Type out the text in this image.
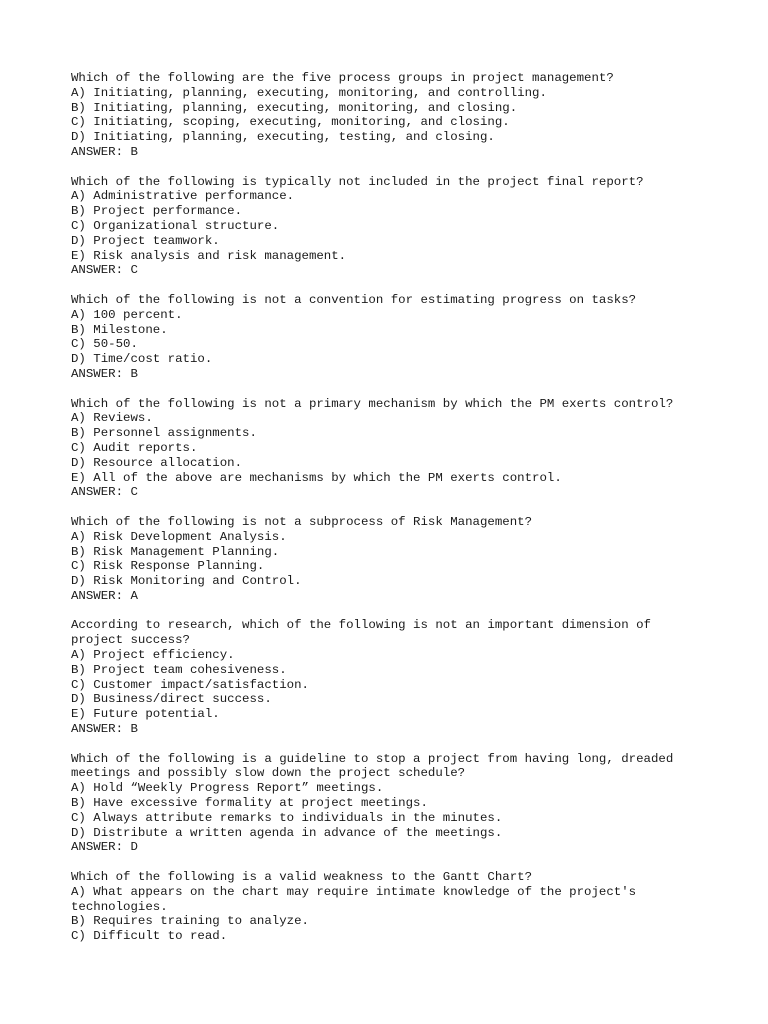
Which of the following are the five process groups in project management?
A) Initiating, planning, executing, monitoring, and controlling.
B) Initiating, planning, executing, monitoring, and closing.
C) Initiating, scoping, executing, monitoring, and closing.
D) Initiating, planning, executing, testing, and closing.
ANSWER: B
Which of the following is typically not included in the project final report?
A) Administrative performance.
B) Project performance.
C) Organizational structure.
D) Project teamwork.
E) Risk analysis and risk management.
ANSWER: C
Which of the following is not a convention for estimating progress on tasks?
A) 100 percent.
B) Milestone.
C) 50-50.
D) Time/cost ratio.
ANSWER: B
Which of the following is not a primary mechanism by which the PM exerts control?
A) Reviews.
B) Personnel assignments.
C) Audit reports.
D) Resource allocation.
E) All of the above are mechanisms by which the PM exerts control.
ANSWER: C
Which of the following is not a subprocess of Risk Management?
A) Risk Development Analysis.
B) Risk Management Planning.
C) Risk Response Planning.
D) Risk Monitoring and Control.
ANSWER: A
According to research, which of the following is not an important dimension of
project success?
A) Project efficiency.
B) Project team cohesiveness.
C) Customer impact/satisfaction.
D) Business/direct success.
E) Future potential.
ANSWER: B
Which of the following is a guideline to stop a project from having long, dreaded
meetings and possibly slow down the project schedule?
A) Hold “Weekly Progress Report” meetings.
B) Have excessive formality at project meetings.
C) Always attribute remarks to individuals in the minutes.
D) Distribute a written agenda in advance of the meetings.
ANSWER: D
Which of the following is a valid weakness to the Gantt Chart?
A) What appears on the chart may require intimate knowledge of the project's
technologies.
B) Requires training to analyze.
C) Difficult to read.
